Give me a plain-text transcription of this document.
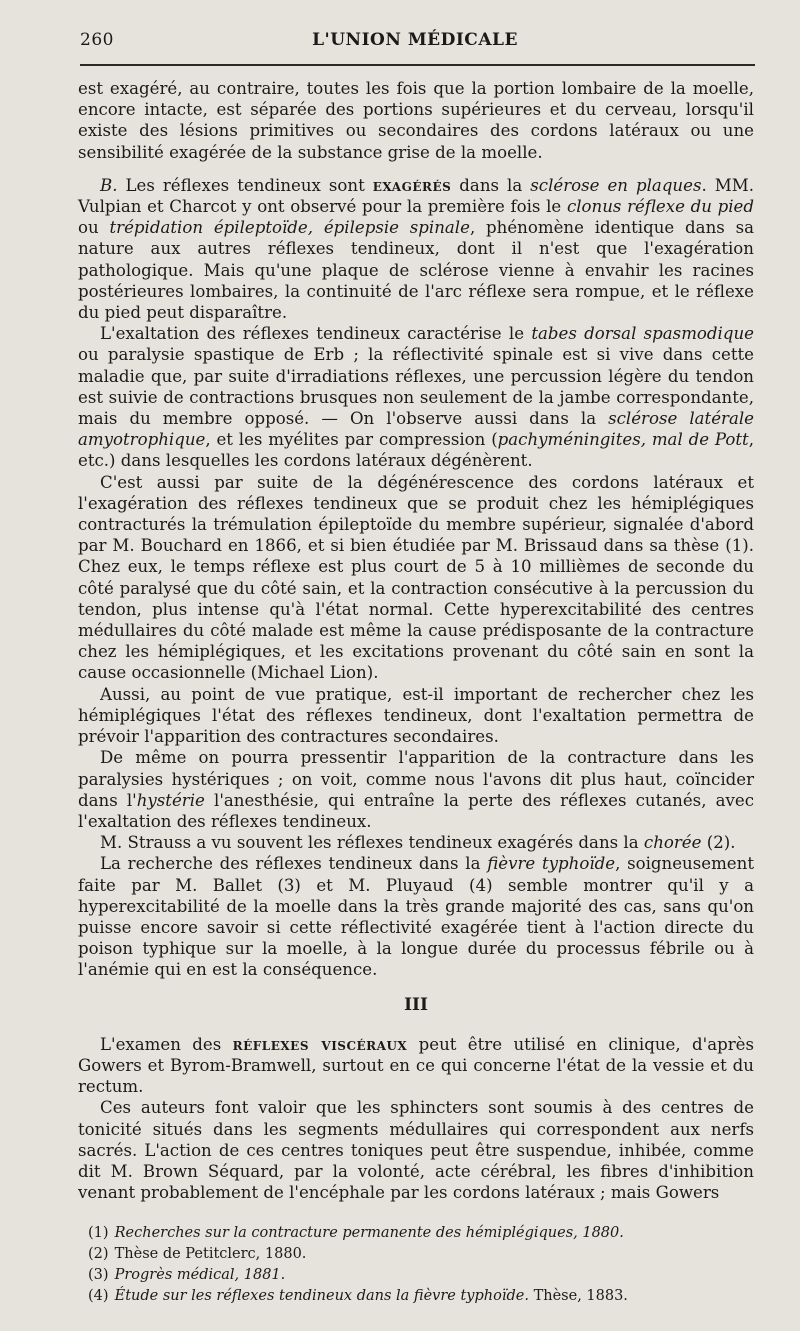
260	L'UNION MÉDICALE

est exagéré, au contraire, toutes les fois que la portion lombaire de la moelle, encore intacte, est séparée des portions supérieures et du cerveau, lorsqu'il existe des lésions primitives ou secondaires des cordons latéraux ou une sensibilité exagérée de la substance grise de la moelle.

B. Les réflexes tendineux sont exagérés dans la sclérose en plaques. MM. Vulpian et Charcot y ont observé pour la première fois le clonus réflexe du pied ou trépidation épileptoïde, épilepsie spinale, phénomène identique dans sa nature aux autres réflexes tendineux, dont il n'est que l'exagération pathologique. Mais qu'une plaque de sclérose vienne à envahir les racines postérieures lombaires, la continuité de l'arc réflexe sera rompue, et le réflexe du pied peut disparaître.

L'exaltation des réflexes tendineux caractérise le tabes dorsal spasmodique ou paralysie spastique de Erb ; la réflectivité spinale est si vive dans cette maladie que, par suite d'irradiations réflexes, une percussion légère du tendon est suivie de contractions brusques non seulement de la jambe correspondante, mais du membre opposé. — On l'observe aussi dans la sclérose latérale amyotrophique, et les myélites par compression (pachyméningites, mal de Pott, etc.) dans lesquelles les cordons latéraux dégénèrent.

C'est aussi par suite de la dégénérescence des cordons latéraux et l'exagération des réflexes tendineux que se produit chez les hémiplégiques contracturés la trémulation épileptoïde du membre supérieur, signalée d'abord par M. Bouchard en 1866, et si bien étudiée par M. Brissaud dans sa thèse (1). Chez eux, le temps réflexe est plus court de 5 à 10 millièmes de seconde du côté paralysé que du côté sain, et la contraction consécutive à la percussion du tendon, plus intense qu'à l'état normal. Cette hyperexcitabilité des centres médullaires du côté malade est même la cause prédisposante de la contracture chez les hémiplégiques, et les excitations provenant du côté sain en sont la cause occasionnelle (Michael Lion).

Aussi, au point de vue pratique, est-il important de rechercher chez les hémiplégiques l'état des réflexes tendineux, dont l'exaltation permettra de prévoir l'apparition des contractures secondaires.

De même on pourra pressentir l'apparition de la contracture dans les paralysies hystériques ; on voit, comme nous l'avons dit plus haut, coïncider dans l'hystérie l'anesthésie, qui entraîne la perte des réflexes cutanés, avec l'exaltation des réflexes tendineux.

M. Strauss a vu souvent les réflexes tendineux exagérés dans la chorée (2).

La recherche des réflexes tendineux dans la fièvre typhoïde, soigneusement faite par M. Ballet (3) et M. Pluyaud (4) semble montrer qu'il y a hyperexcitabilité de la moelle dans la très grande majorité des cas, sans qu'on puisse encore savoir si cette réflectivité exagérée tient à l'action directe du poison typhique sur la moelle, à la longue durée du processus fébrile ou à l'anémie qui en est la conséquence.

III

L'examen des réflexes viscéraux peut être utilisé en clinique, d'après Gowers et Byrom-Bramwell, surtout en ce qui concerne l'état de la vessie et du rectum.

Ces auteurs font valoir que les sphincters sont soumis à des centres de tonicité situés dans les segments médullaires qui correspondent aux nerfs sacrés. L'action de ces centres toniques peut être suspendue, inhibée, comme dit M. Brown Séquard, par la volonté, acte cérébral, les fibres d'inhibition venant probablement de l'encéphale par les cordons latéraux ; mais Gowers

(1) Recherches sur la contracture permanente des hémiplégiques, 1880.
(2) Thèse de Petitclerc, 1880.
(3) Progrès médical, 1881.
(4) Étude sur les réflexes tendineux dans la fièvre typhoïde. Thèse, 1883.
